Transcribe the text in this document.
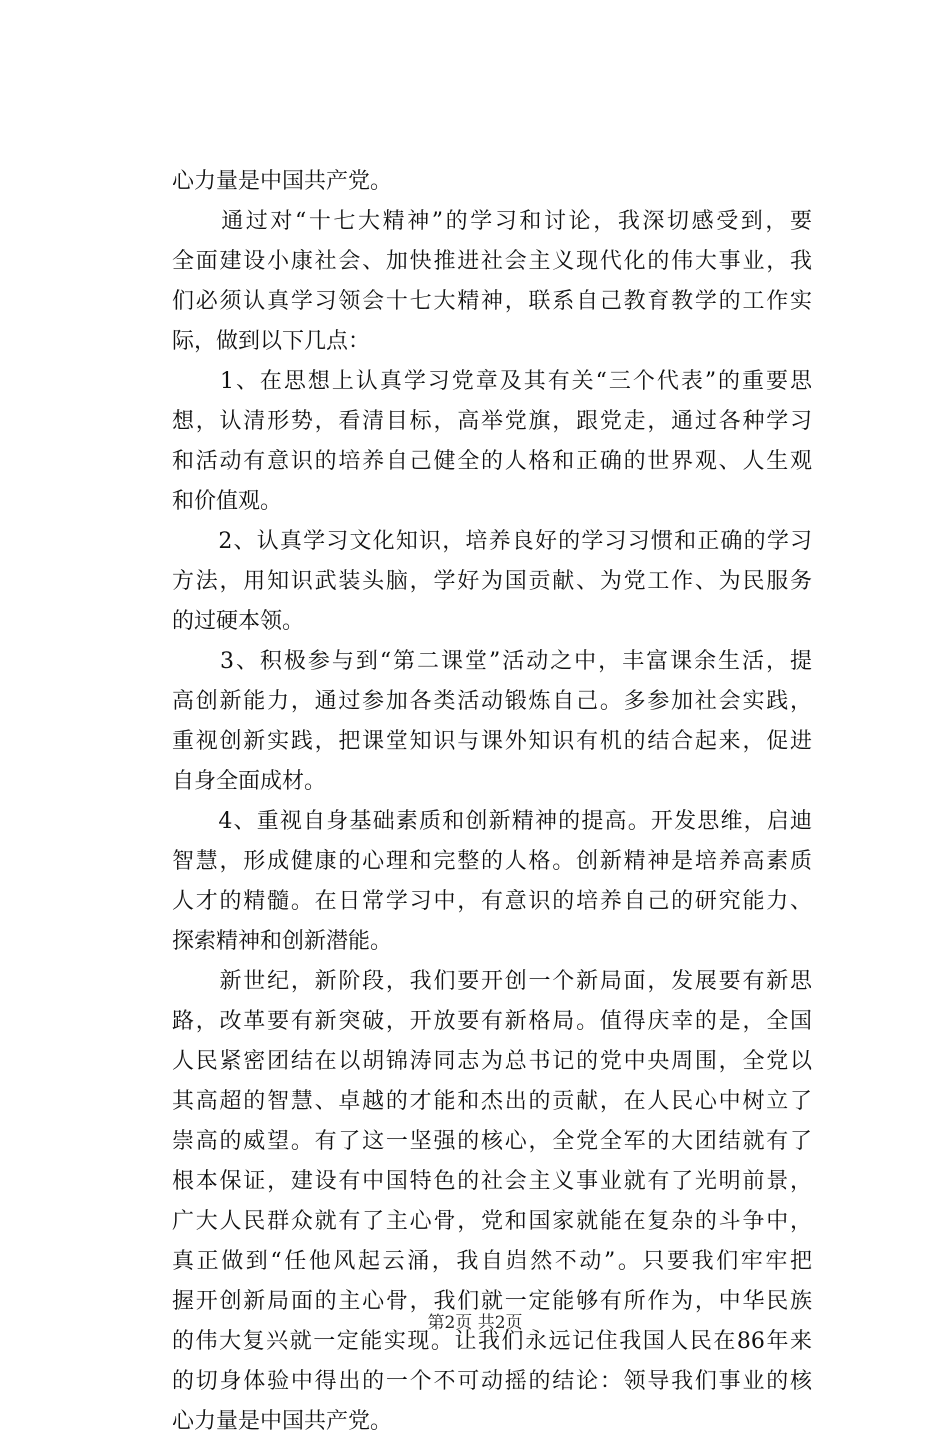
心力量是中国共产党。
　　通过对“十七大精神”的学习和讨论，我深切感受到，要
全面建设小康社会、加快推进社会主义现代化的伟大事业，我
们必须认真学习领会十七大精神，联系自己教育教学的工作实
际，做到以下几点：
　　1、在思想上认真学习党章及其有关“三个代表”的重要思
想，认清形势，看清目标，高举党旗，跟党走，通过各种学习
和活动有意识的培养自己健全的人格和正确的世界观、人生观
和价值观。
　　2、认真学习文化知识，培养良好的学习习惯和正确的学习
方法，用知识武装头脑，学好为国贡献、为党工作、为民服务
的过硬本领。
　　3、积极参与到“第二课堂”活动之中，丰富课余生活，提
高创新能力，通过参加各类活动锻炼自己。多参加社会实践，
重视创新实践，把课堂知识与课外知识有机的结合起来，促进
自身全面成材。
　　4、重视自身基础素质和创新精神的提高。开发思维，启迪
智慧，形成健康的心理和完整的人格。创新精神是培养高素质
人才的精髓。在日常学习中，有意识的培养自己的研究能力、
探索精神和创新潜能。
　　新世纪，新阶段，我们要开创一个新局面，发展要有新思
路，改革要有新突破，开放要有新格局。值得庆幸的是，全国
人民紧密团结在以胡锦涛同志为总书记的党中央周围，全党以
其高超的智慧、卓越的才能和杰出的贡献，在人民心中树立了
崇高的威望。有了这一坚强的核心，全党全军的大团结就有了
根本保证，建设有中国特色的社会主义事业就有了光明前景，
广大人民群众就有了主心骨，党和国家就能在复杂的斗争中，
真正做到“任他风起云涌，我自岿然不动”。只要我们牢牢把
握开创新局面的主心骨，我们就一定能够有所作为，中华民族
的伟大复兴就一定能实现。让我们永远记住我国人民在86年来
的切身体验中得出的一个不可动摇的结论：领导我们事业的核
心力量是中国共产党。
第2页 共2页
